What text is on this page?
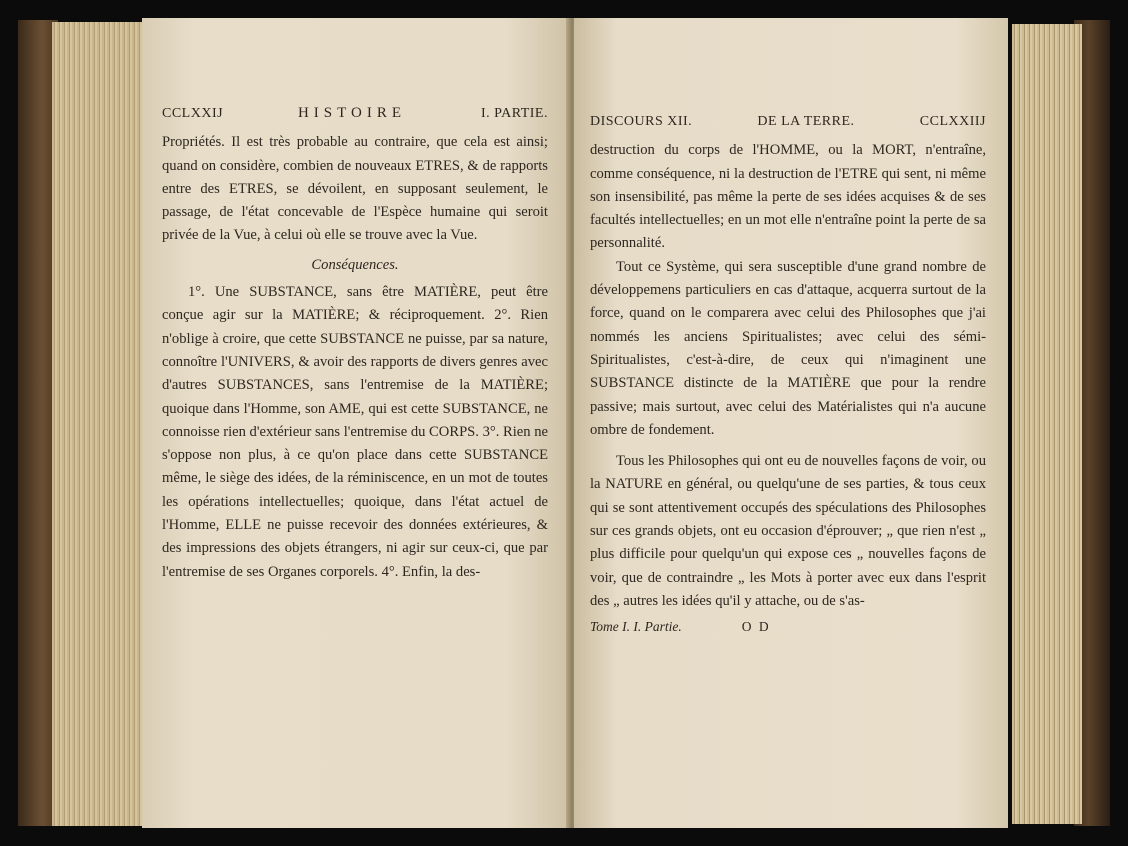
CCLXXIJ	HISTOIRE	I. PARTIE.

Propriétés. Il est très probable au contraire, que cela est ainsi; quand on considère, combien de nouveaux ETRES, & de rapports entre des ETRES, se dévoilent, en supposant seulement, le passage, de l'état concevable de l'Espèce humaine qui seroit privée de la Vue, à celui où elle se trouve avec la Vue.

Conséquences.

1°. Une SUBSTANCE, sans être MATIÈRE, peut être conçue agir sur la MATIÈRE; & réciproquement. 2°. Rien n'oblige à croire, que cette SUBSTANCE ne puisse, par sa nature, connoître l'UNIVERS, & avoir des rapports de divers genres avec d'autres SUBSTANCES, sans l'entremise de la MATIÈRE; quoique dans l'Homme, son AME, qui est cette SUBSTANCE, ne connoisse rien d'extérieur sans l'entremise du CORPS. 3°. Rien ne s'oppose non plus, à ce qu'on place dans cette SUBSTANCE même, le siège des idées, de la réminiscence, en un mot de toutes les opérations intellectuelles; quoique, dans l'état actuel de l'Homme, ELLE ne puisse recevoir des données extérieures, & des impressions des objets étrangers, ni agir sur ceux-ci, que par l'entremise de ses Organes corporels. 4°. Enfin, la des-

DISCOURS XII.	DE LA TERRE.	CCLXXIIJ

destruction du corps de l'HOMME, ou la MORT, n'entraîne, comme conséquence, ni la destruction de l'ETRE qui sent, ni même son insensibilité, pas même la perte de ses idées acquises & de ses facultés intellectuelles; en un mot elle n'entraîne point la perte de sa personnalité.

Tout ce Système, qui sera susceptible d'une grand nombre de développemens particuliers en cas d'attaque, acquerra surtout de la force, quand on le comparera avec celui des Philosophes que j'ai nommés les anciens Spiritualistes; avec celui des sémi-Spiritualistes, c'est-à-dire, de ceux qui n'imaginent une SUBSTANCE distincte de la MATIÈRE que pour la rendre passive; mais surtout, avec celui des Matérialistes qui n'a aucune ombre de fondement.

Tous les Philosophes qui ont eu de nouvelles façons de voir, ou la NATURE en général, ou quelqu'une de ses parties, & tous ceux qui se sont attentivement occupés des spéculations des Philosophes sur ces grands objets, ont eu occasion d'éprouver; „ que rien n'est „ plus difficile pour quelqu'un qui expose ces „ nouvelles façons de voir, que de contraindre „ les Mots à porter avec eux dans l'esprit des „ autres les idées qu'il y attache, ou de s'as-

Tome I. I. Partie.	O D
